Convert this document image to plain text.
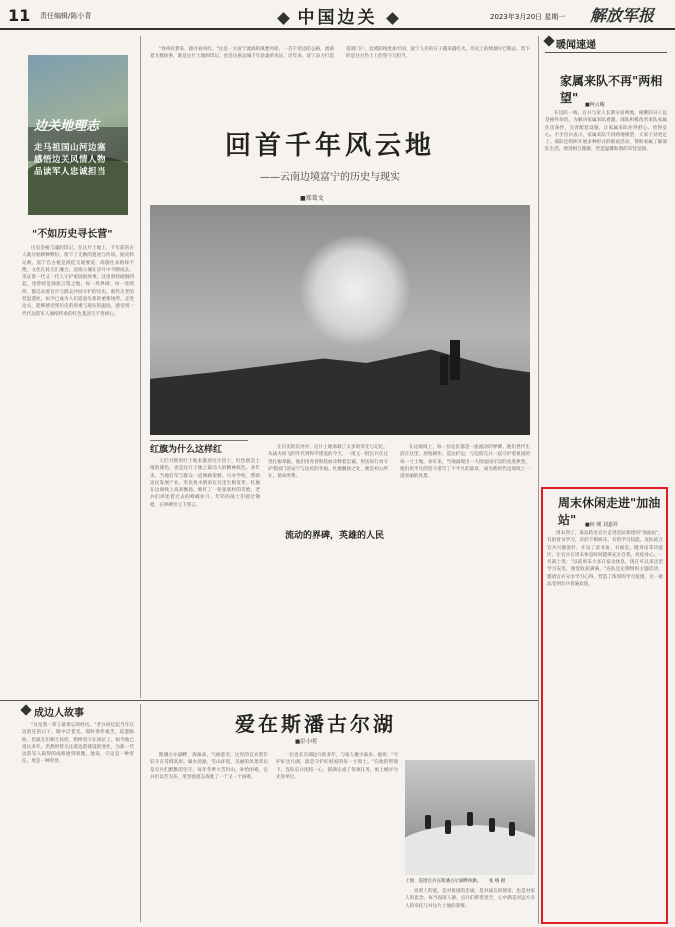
11 责任编辑/陈小青	中国边关	2023年3月20日 星期一 解放军报
边关地理志
走马祖国山河边塞
感悟边关风情人物
品读军人忠诚担当

"春风有梦来，跟月看河红。"这是一方富宁流淌的滇楚河谣，一首千里边防公路，流淌着无数故事，既是这片土地的印记，也是这座边城千年沧桑的见证。近年来，富宁奋力打造富滇门户，边境防线更加牢固，富宁人民的日子越来越红火。历史上的烽烟早已散去，留下的是这方热土上的坚守与担当。

回首千年风云地
——云南边境富宁的历史与现实
■郑葛文
"不如历史寻长营"

历史是根与魂的印记。在这片土地上，千年前的古人就开始耕种繁衍，留下了无数的遗迹与传说。据史料记载，富宁自古便是滇桂交通要道，商旅往来络绎不绝，文化在此交汇融合。边境小城在岁月中不断成长，见证着一代又一代人守护家园的故事。这里曾经硝烟四起，也曾经是商旅云集之地。每一块界碑、每一处哨所，都记录着官兵与群众共同守护的历史。那些古老的营盘遗址，如今已成为人们追思先辈的重要场所。走进边关，能够感受到历史的厚重与现实的温度，感受到一代代边防军人赓续传承的红色基因与不变初心。

红旗为什么这样红

人们习惯用红土地来描述这片热土，红色既是土地的颜色，也是这片土地上最动人的精神底色。多年来，当地驻军与群众一道修路架桥、兴办学校，帮助边民发展产业，军民鱼水情谊在这里生根发芽。红旗在边境线上高高飘扬，映红了一张张质朴的笑脸。老兵们讲述着过去的峥嵘岁月，年轻的战士们接过钢枪，在界碑旁立下誓言。

在历史的长河中，这片土地承载了太多的荣光与记忆。从战火纷飞的年代到和平建设的今天，一批又一批官兵在这里扎根奉献。他们用青春和热血诠释着忠诚，用实际行动守护着国门的安宁与边民的幸福。红旗飘扬之处，便是初心所在，使命所系。

流动的界碑，英雄的人民

在边境线上，每一位边民都是一座流动的界碑。他们世代生活在这里，放牧耕作，巡边护边，与边防官兵一起守护着祖国的每一寸土地。多年来，当地涌现出一大批爱国守边的先进典型，他们用平凡的坚守谱写了不平凡的篇章，成为新时代边境线上一道亮丽的风景。

暖闻速递
家属来队不再"两相望"	■柯云峻

在边防一线，官兵与家人长期分居两地，相聚的日子总是格外珍贵。为解决家属来队难题，部队积极改善来队家属住房条件，完善配套设施，让家属来队住得舒心、待得安心。不少官兵表示，家属来队不再两地相望，大家干劲更足了。部队还组织开展多种形式的联谊活动，帮助家属了解部队生活，增进相互理解，营造温馨和谐的军营氛围。

周末休闲走进"加油站"	■何 刚 刘嘉祥

周末到了，某边防连官兵走进连队新建的"加油站"，有的看书学习，有的下棋娱乐，有的学习技能。连队结合官兵兴趣爱好，开设了读书角、书画室、健身房等功能区，让官兵在周末休息时间能够充实自我、放松身心。一名战士说："以前周末大多在宿舍休息，现在可以来这里学习充电，感觉收获满满。"连队还定期组织主题活动，邀请官兵分享学习心得，营造了浓厚的学习氛围。这一做法受到官兵普遍欢迎。

成边人故事

"这是我一辈子最难忘的经历。"老兵回忆起当年在边防连的日子，眼中泛着光。那时条件艰苦，巡逻路险，但战友们相互扶持，始终坚守在岗位上。如今他已退伍多年，仍然时常关注着边防建设的变化，为新一代边防军人取得的成绩感到骄傲。他说，守边是一种责任，更是一种荣誉。

爱在斯潘古尔湖
■彭小明

斯潘古尔湖畔，海拔高、气候恶劣，这里的官兵常年驻守在雪域高原。湖水清澈，雪山环绕，美丽的风景背后是官兵们默默的坚守。每年冬季大雪封山，补给困难，官兵们以苦为乐，用坚强意志战胜了一个又一个困难。

一位连长在湖边守防多年，与家人聚少离多。他说："守护好这片湖，就是守护好祖国的每一寸领土。"在他的带领下，连队官兵团结一心，圆满完成了各项任务，被上级评为先进单位。

上图：巡逻官兵在斯潘古尔湖畔执勤。 张 峻 摄

高原上的爱，是对祖国的忠诚，是对战友的情谊，也是对家人的思念。每当夜深人静，官兵们仰望星空，心中满是对远方亲人的牵挂与对这片土地的深情。
